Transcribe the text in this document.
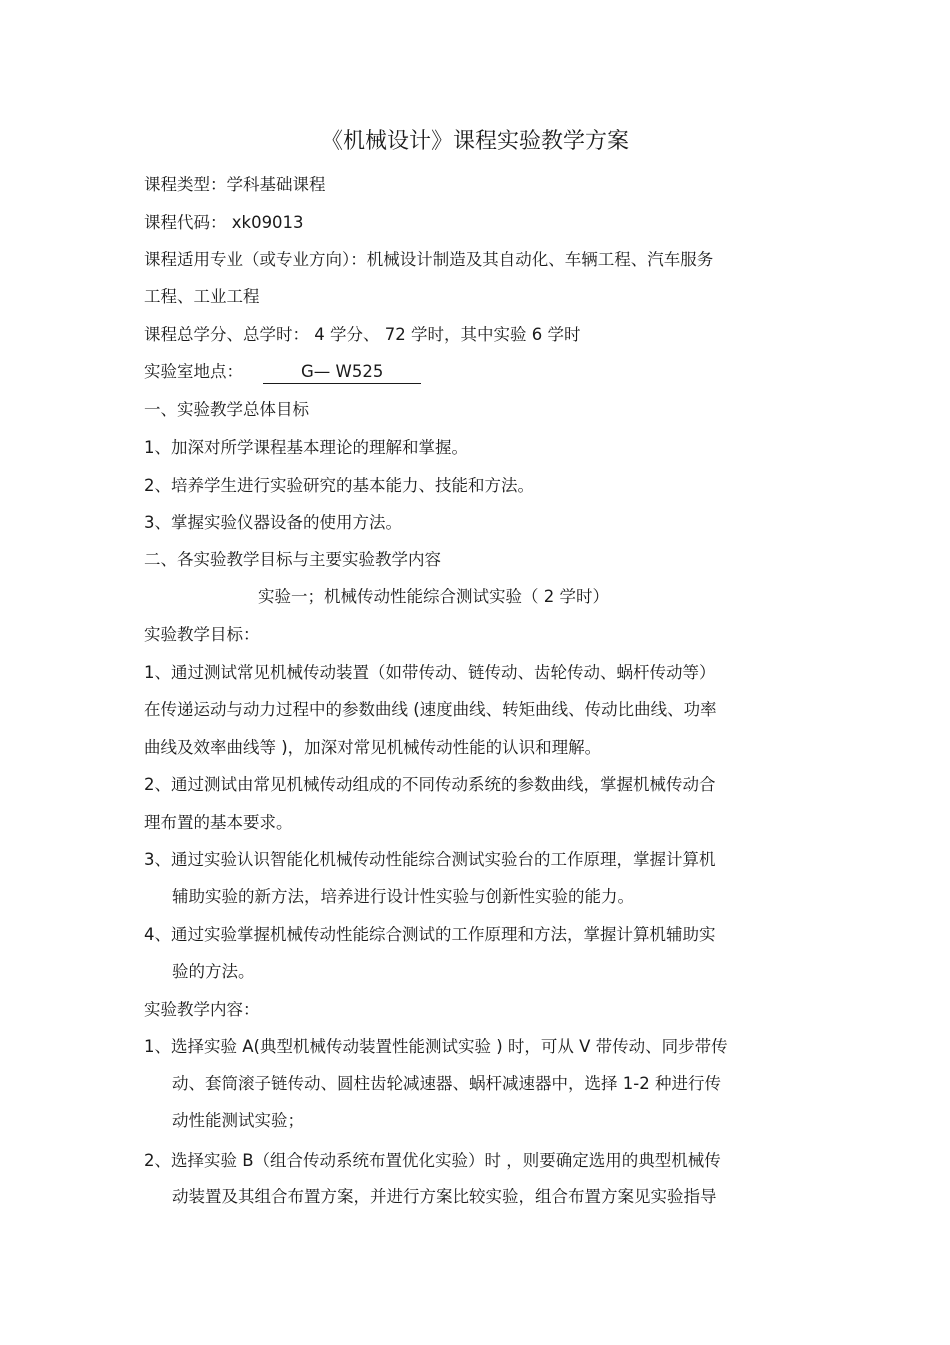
《机械设计》课程实验教学方案
课程类型：学科基础课程
课程代码： xk09013
课程适用专业（或专业方向）：机械设计制造及其自动化、车辆工程、汽车服务
工程、工业工程
课程总学分、总学时： 4 学分、 72 学时，其中实验 6 学时
实验室地点：	G— W525
一、实验教学总体目标
1、加深对所学课程基本理论的理解和掌握。
2、培养学生进行实验研究的基本能力、技能和方法。
3、掌握实验仪器设备的使用方法。
二、各实验教学目标与主要实验教学内容
实验一；机械传动性能综合测试实验（ 2 学时）
实验教学目标：
1、通过测试常见机械传动装置（如带传动、链传动、齿轮传动、蜗杆传动等）
在传递运动与动力过程中的参数曲线 (速度曲线、转矩曲线、传动比曲线、功率
曲线及效率曲线等 )，加深对常见机械传动性能的认识和理解。
2、通过测试由常见机械传动组成的不同传动系统的参数曲线，掌握机械传动合
理布置的基本要求。
3、通过实验认识智能化机械传动性能综合测试实验台的工作原理，掌握计算机
辅助实验的新方法，培养进行设计性实验与创新性实验的能力。
4、通过实验掌握机械传动性能综合测试的工作原理和方法，掌握计算机辅助实
验的方法。
实验教学内容：
1、选择实验 A(典型机械传动装置性能测试实验 ) 时，可从 V 带传动、同步带传
动、套筒滚子链传动、圆柱齿轮减速器、蜗杆减速器中，选择 1-2 种进行传
动性能测试实验；
2、选择实验 B（组合传动系统布置优化实验）时 ，则要确定选用的典型机械传
动装置及其组合布置方案，并进行方案比较实验，组合布置方案见实验指导
